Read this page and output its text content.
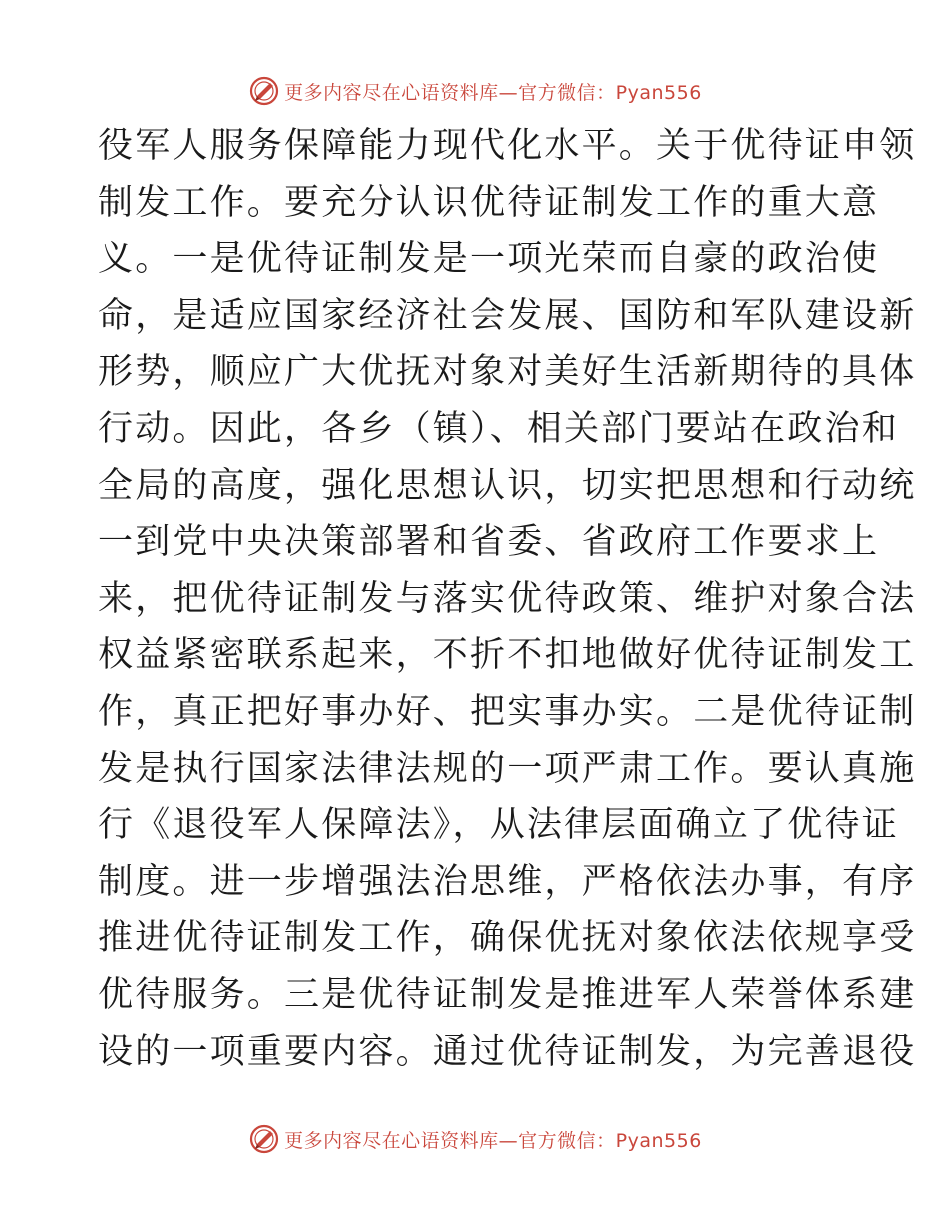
更多内容尽在心语资料库—官方微信：Pyan556
役军人服务保障能力现代化水平。关于优待证申领
制发工作。要充分认识优待证制发工作的重大意
义。一是优待证制发是一项光荣而自豪的政治使
命，是适应国家经济社会发展、国防和军队建设新
形势，顺应广大优抚对象对美好生活新期待的具体
行动。因此，各乡（镇）、相关部门要站在政治和
全局的高度，强化思想认识，切实把思想和行动统
一到党中央决策部署和省委、省政府工作要求上
来，把优待证制发与落实优待政策、维护对象合法
权益紧密联系起来，不折不扣地做好优待证制发工
作，真正把好事办好、把实事办实。二是优待证制
发是执行国家法律法规的一项严肃工作。要认真施
行《退役军人保障法》，从法律层面确立了优待证
制度。进一步增强法治思维，严格依法办事，有序
推进优待证制发工作，确保优抚对象依法依规享受
优待服务。三是优待证制发是推进军人荣誉体系建
设的一项重要内容。通过优待证制发，为完善退役
更多内容尽在心语资料库—官方微信：Pyan556
